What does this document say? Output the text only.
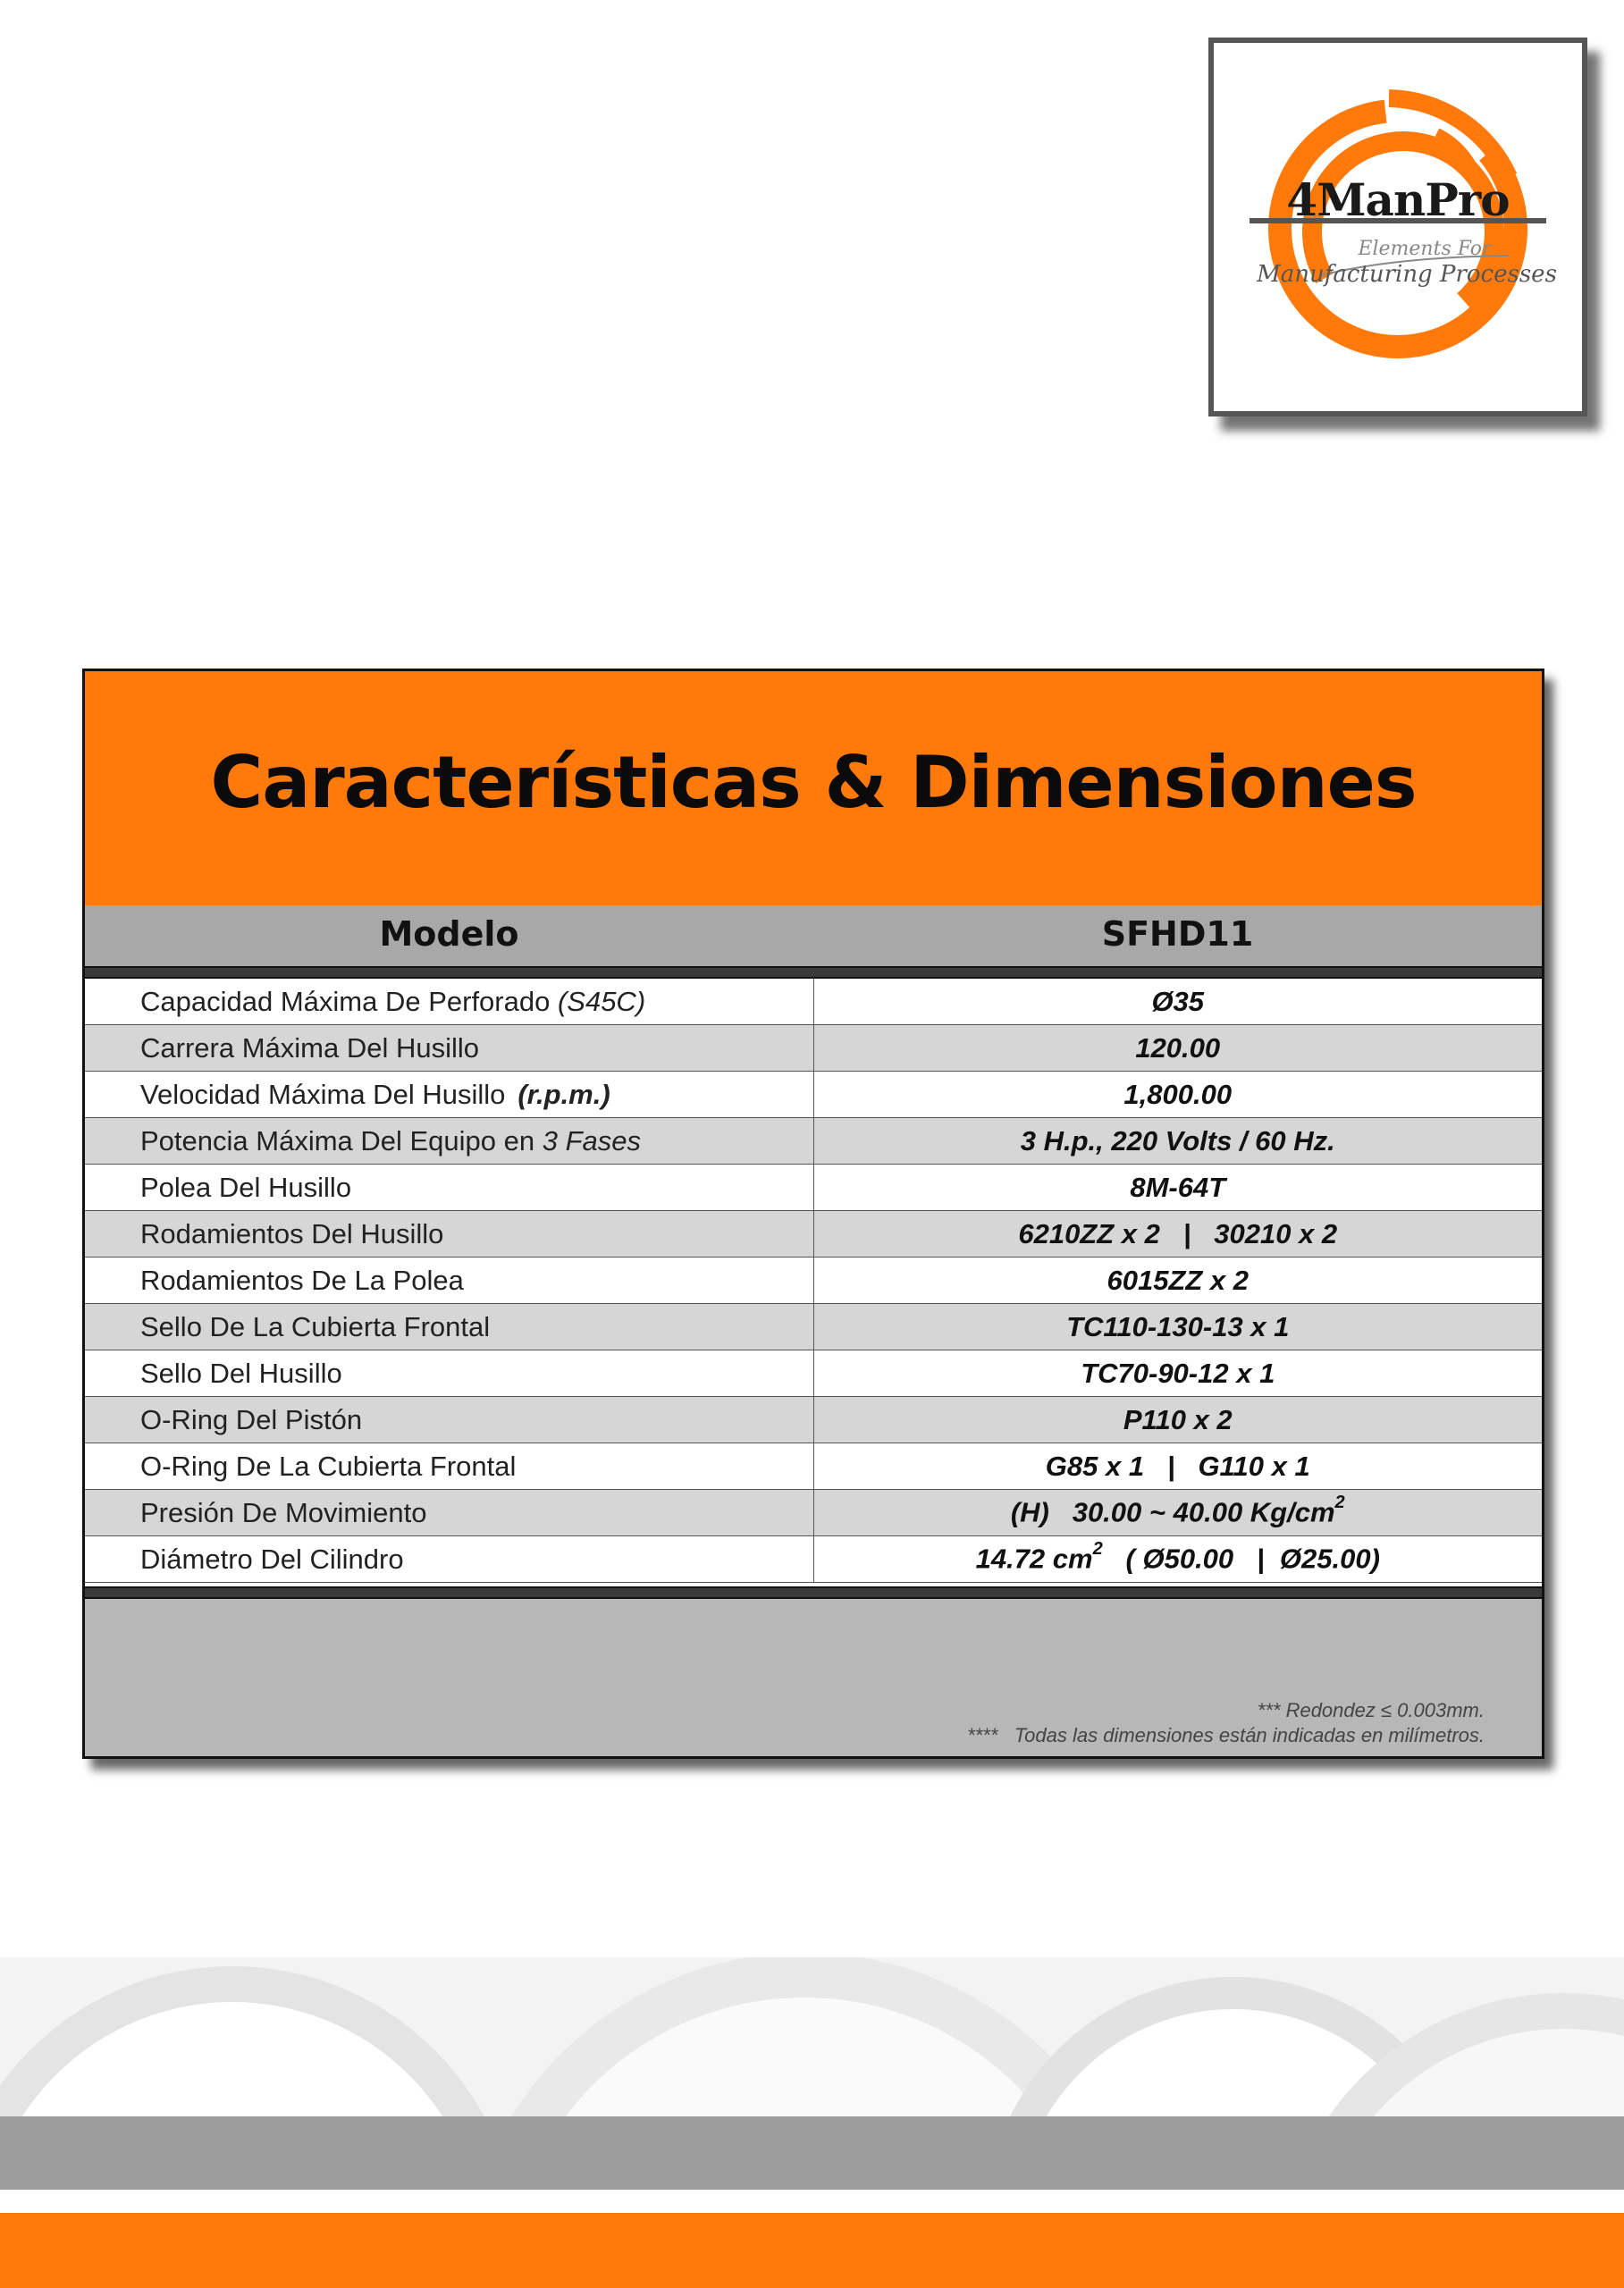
4ManPro
Elements For
Manufacturing Processes
Características & Dimensiones
Modelo	SFHD11
Capacidad Máxima De Perforado (S45C)	Ø35
Carrera Máxima Del Husillo	120.00
Velocidad Máxima Del Husillo (r.p.m.)	1,800.00
Potencia Máxima Del Equipo en 3 Fases	3 H.p., 220 Volts / 60 Hz.
Polea Del Husillo	8M-64T
Rodamientos Del Husillo	6210ZZ x 2   |   30210 x 2
Rodamientos De La Polea	6015ZZ x 2
Sello De La Cubierta Frontal	TC110-130-13 x 1
Sello Del Husillo	TC70-90-12 x 1
O-Ring Del Pistón	P110 x 2
O-Ring De La Cubierta Frontal	G85 x 1   |   G110 x 1
Presión De Movimiento	(H)   30.00 ~ 40.00 $Kg/cm^2$
Diámetro Del Cilindro	14.72 $cm^2$   ( Ø50.00   |  Ø25.00)
*** Redondez ≤ 0.003mm.
****   Todas las dimensiones están indicadas en milímetros.
